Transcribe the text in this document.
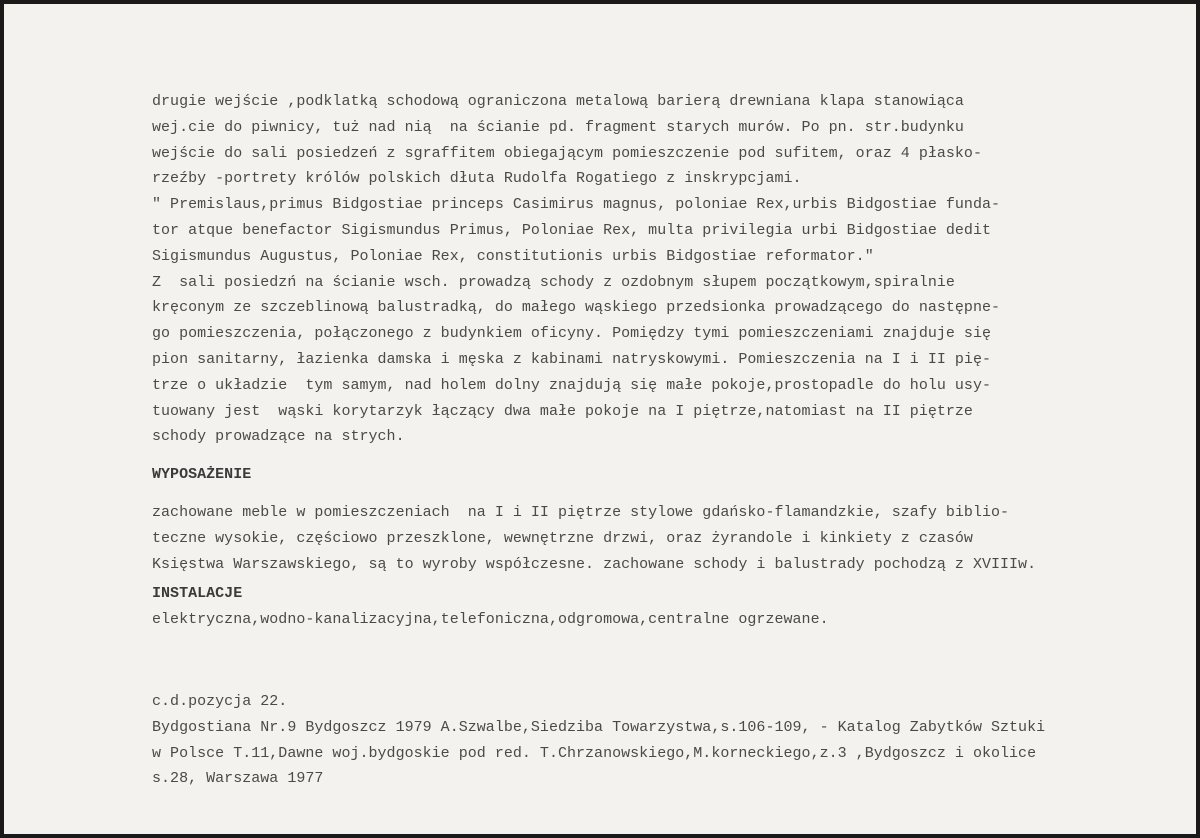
drugie wejście ,podklatką schodową ograniczona metalową barierą drewniana klapa stanowiąca
wej.cie do piwnicy, tuż nad nią  na ścianie pd. fragment starych murów. Po pn. str.budynku
wejście do sali posiedzeń z sgraffitem obiegającym pomieszczenie pod sufitem, oraz 4 płasko-
rzeźby -portrety królów polskich dłuta Rudolfa Rogatiego z inskrypcjami.
" Premislaus,primus Bidgostiae princeps Casimirus magnus, poloniae Rex,urbis Bidgostiae funda-
tor atque benefactor Sigismundus Primus, Poloniae Rex, multa privilegia urbi Bidgostiae dedit
Sigismundus Augustus, Poloniae Rex, constitutionis urbis Bidgostiae reformator."
Z  sali posiedzń na ścianie wsch. prowadzą schody z ozdobnym słupem początkowym,spiralnie
kręconym ze szczeblinową balustradką, do małego wąskiego przedsionka prowadzącego do następne-
go pomieszczenia, połączonego z budynkiem oficyny. Pomiędzy tymi pomieszczeniami znajduje się
pion sanitarny, łazienka damska i męska z kabinami natryskowymi. Pomieszczenia na I i II pię-
trze o układzie  tym samym, nad holem dolny znajdują się małe pokoje,prostopadle do holu usy-
tuowany jest  wąski korytarzyk łączący dwa małe pokoje na I piętrze,natomiast na II piętrze
schody prowadzące na strych.
WYPOSAŻENIE
zachowane meble w pomieszczeniach  na I i II piętrze stylowe gdańsko-flamandzkie, szafy biblio-
teczne wysokie, częściowo przeszklone, wewnętrzne drzwi, oraz żyrandole i kinkiety z czasów
Księstwa Warszawskiego, są to wyroby współczesne. zachowane schody i balustrady pochodzą z XVIIIw.
INSTALACJE
elektryczna,wodno-kanalizacyjna,telefoniczna,odgromowa,centralne ogrzewane.
c.d.pozycja 22.
Bydgostiana Nr.9 Bydgoszcz 1979 A.Szwalbe,Siedziba Towarzystwa,s.106-109, - Katalog Zabytków Sztuki
w Polsce T.11,Dawne woj.bydgoskie pod red. T.Chrzanowskiego,M.korneckiego,z.3 ,Bydgoszcz i okolice
s.28, Warszawa 1977
